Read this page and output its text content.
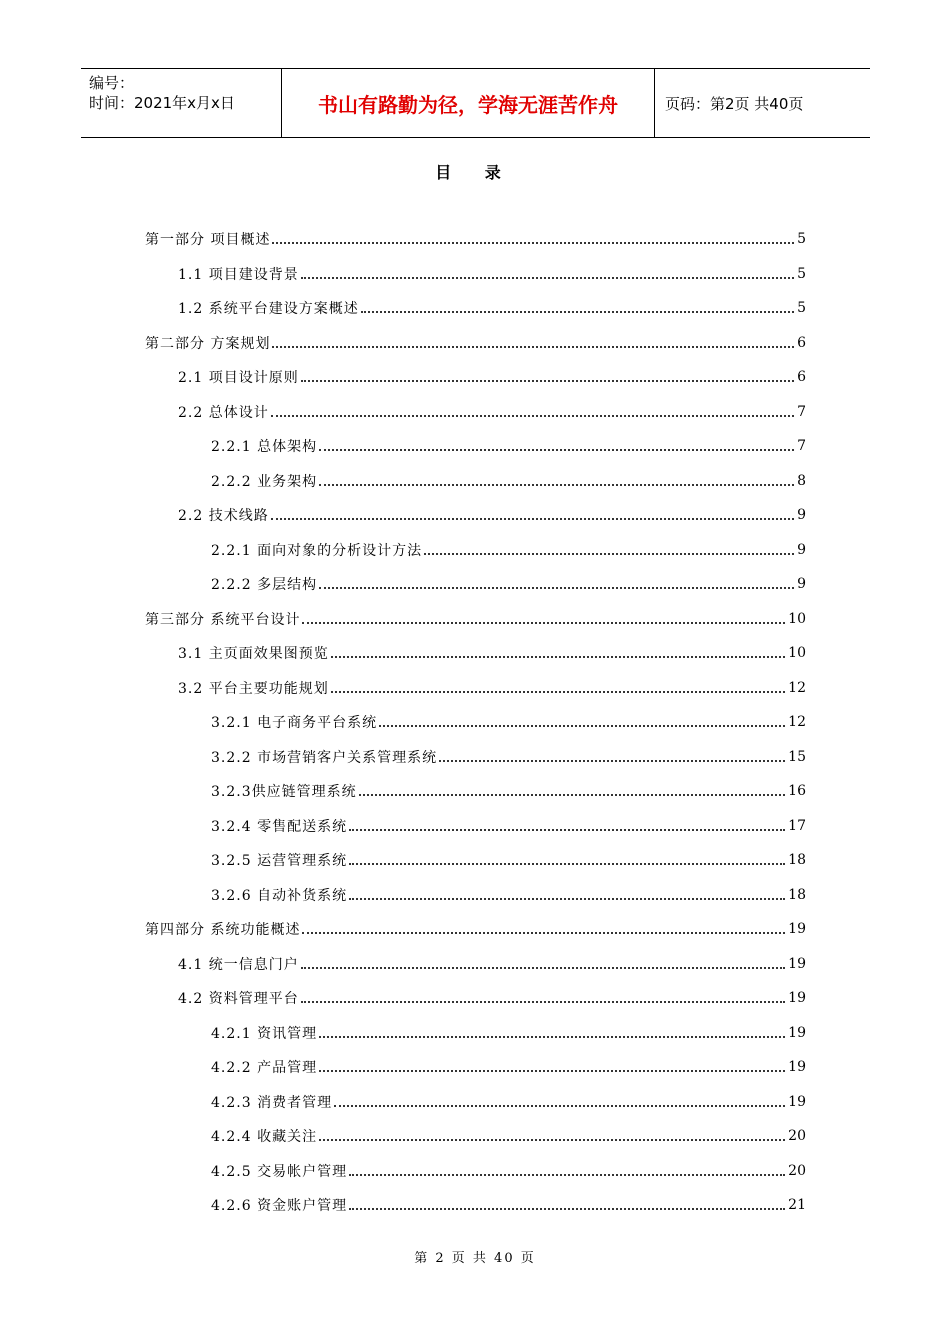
编号：
时间：2021年x月x日	书山有路勤为径，学海无涯苦作舟	页码：第2页 共40页
目 录
第一部分 项目概述	5
1.1 项目建设背景	5
1.2 系统平台建设方案概述	5
第二部分 方案规划	6
2.1 项目设计原则	6
2.2 总体设计	7
2.2.1 总体架构	7
2.2.2 业务架构	8
2.2 技术线路	9
2.2.1 面向对象的分析设计方法	9
2.2.2 多层结构	9
第三部分 系统平台设计	10
3.1 主页面效果图预览	10
3.2 平台主要功能规划	12
3.2.1 电子商务平台系统	12
3.2.2 市场营销客户关系管理系统	15
3.2.3供应链管理系统	16
3.2.4 零售配送系统	17
3.2.5 运营管理系统	18
3.2.6 自动补货系统	18
第四部分 系统功能概述	19
4.1 统一信息门户	19
4.2 资料管理平台	19
4.2.1 资讯管理	19
4.2.2 产品管理	19
4.2.3 消费者管理	19
4.2.4 收藏关注	20
4.2.5 交易帐户管理	20
4.2.6 资金账户管理	21
第 2 页 共 40 页
